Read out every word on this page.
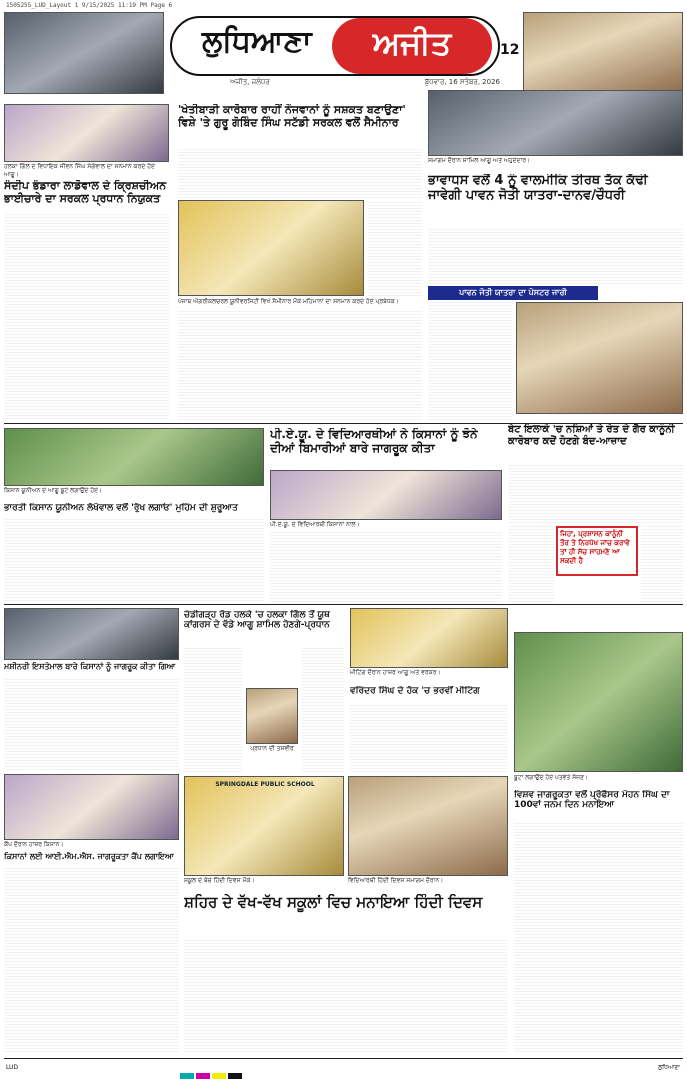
1505255_LUD_Layout 1 9/15/2025 11:19 PM Page 6
ਲੁਧਿਆਣਾ	ਅਜੀਤ	12
ਅਜੀਤ, ਜਲੰਧਰ	ਬੁੱਧਵਾਰ, 16 ਸਤੰਬਰ, 2026
ਹਲਕਾ ਗਿੱਲ ਦੇ ਵਿਧਾਇਕ ਜੀਵਨ ਸਿੰਘ ਸੰਗੋਵਾਲ ਦਾ ਸਨਮਾਨ ਕਰਦੇ ਹੋਏ ਆਗੂ।
ਸੰਦੀਪ ਭੰਡਾਰਾ ਲਾਡੋਵਾਲ ਦੇ ਕ੍ਰਿਸ਼ਚੀਅਨ ਭਾਈਚਾਰੇ ਦਾ ਸਰਕਲ ਪ੍ਰਧਾਨ ਨਿਯੁਕਤ
'ਖੇਤੀਬਾੜੀ ਕਾਰੋਬਾਰ ਰਾਹੀਂ ਨੌਜਵਾਨਾਂ ਨੂੰ ਸਸ਼ਕਤ ਬਣਾਉਣਾ' ਵਿਸ਼ੇ 'ਤੇ ਗੁਰੂ ਗੋਬਿੰਦ ਸਿੰਘ ਸਟੱਡੀ ਸਰਕਲ ਵਲੋਂ ਸੈਮੀਨਾਰ
ਪੰਜਾਬ ਐਗਰੀਕਲਚਰਲ ਯੂਨੀਵਰਸਿਟੀ ਵਿਖੇ ਸੈਮੀਨਾਰ ਮੌਕੇ ਮਹਿਮਾਨਾਂ ਦਾ ਸਨਮਾਨ ਕਰਦੇ ਹੋਏ ਪ੍ਰਬੰਧਕ।
ਸਮਾਗਮ ਦੌਰਾਨ ਸ਼ਾਮਿਲ ਆਗੂ ਅਤੇ ਅਹੁਦੇਦਾਰ।
ਭਾਵਾਧਸ ਵਲੋਂ 4 ਨੂੰ ਵਾਲਮੀਕਿ ਤੀਰਥ ਤੱਕ ਕੱਢੀ ਜਾਵੇਗੀ ਪਾਵਨ ਜੋਤੀ ਯਾਤਰਾ-ਦਾਨਵ/ਚੌਧਰੀ
ਪਾਵਨ ਜੋਤੀ ਯਾਤਰਾ ਦਾ ਪੋਸਟਰ ਜਾਰੀ
ਕਿਸਾਨ ਯੂਨੀਅਨ ਦੇ ਆਗੂ ਬੂਟੇ ਲਗਾਉਂਦੇ ਹੋਏ।
ਭਾਰਤੀ ਕਿਸਾਨ ਯੂਨੀਅਨ ਲੱਖੋਵਾਲ ਵਲੋਂ 'ਰੁੱਖ ਲਗਾਓ' ਮੁਹਿੰਮ ਦੀ ਸ਼ੁਰੂਆਤ
ਪੀ.ਏ.ਯੂ. ਦੇ ਵਿਦਿਆਰਥੀਆਂ ਨੇ ਕਿਸਾਨਾਂ ਨੂੰ ਝੋਨੇ ਦੀਆਂ ਬਿਮਾਰੀਆਂ ਬਾਰੇ ਜਾਗਰੂਕ ਕੀਤਾ
ਪੀ.ਏ.ਯੂ. ਦੇ ਵਿਦਿਆਰਥੀ ਕਿਸਾਨਾਂ ਨਾਲ।
ਬੇਟ ਇਲਾਕੇ 'ਚ ਨਸ਼ਿਆਂ ਤੇ ਰੇਤ ਦੇ ਗੈਰ ਕਾਨੂੰਨੀ ਕਾਰੋਬਾਰ ਕਦੋਂ ਹੋਣਗੇ ਬੰਦ-ਆਜ਼ਾਦ
ਜਿਹਾ, ਪ੍ਰਸ਼ਾਸਨ ਕਾਨੂੰਨੀ ਤੌਰ ਤੇ ਨਿਰਪੱਖ ਜਾਂਚ ਕਰਾਵੇ ਤਾਂ ਹੀ ਸੱਚ ਸਾਹਮਣੇ ਆ ਸਕਦੀ ਹੈ
ਮਸ਼ੀਨਰੀ ਇਸਤੇਮਾਲ ਬਾਰੇ ਕਿਸਾਨਾਂ ਨੂੰ ਜਾਗਰੂਕ ਕੀਤਾ ਗਿਆ
ਚੰਡੀਗੜ੍ਹ ਰੋਡ ਹਲਕੇ 'ਚ ਹਲਕਾ ਗਿੱਲ ਤੋਂ ਯੂਥ ਕਾਂਗਰਸ ਦੇ ਵੱਡੇ ਆਗੂ ਸ਼ਾਮਿਲ ਹੋਣਗੇ-ਪ੍ਰਧਾਨ
ਪ੍ਰਧਾਨ ਦੀ ਤਸਵੀਰ
ਮੀਟਿੰਗ ਦੌਰਾਨ ਹਾਜ਼ਰ ਆਗੂ ਅਤੇ ਵਰਕਰ।
ਵਰਿੰਦਰ ਸਿੰਘ ਦੇ ਹੱਕ 'ਚ ਭਰਵੀਂ ਮੀਟਿੰਗ
ਬੂਟਾ ਲਗਾਉਂਦੇ ਹੋਏ ਪਤਵੰਤੇ ਸੱਜਣ।
ਵਿਸ਼ਵ ਜਾਗਰੂਕਤਾ ਵਲੋਂ ਪ੍ਰੋਫੈਸਰ ਮੋਹਨ ਸਿੰਘ ਦਾ 100ਵਾਂ ਜਨਮ ਦਿਨ ਮਨਾਇਆ
ਕੈਂਪ ਦੌਰਾਨ ਹਾਜ਼ਰ ਕਿਸਾਨ।
ਕਿਸਾਨਾਂ ਲਈ ਆਈ.ਐਮ.ਐਸ. ਜਾਗਰੂਕਤਾ ਕੈਂਪ ਲਗਾਇਆ
SPRINGDALE PUBLIC SCHOOL
ਸਕੂਲ ਦੇ ਬੱਚੇ ਹਿੰਦੀ ਦਿਵਸ ਮੌਕੇ।	ਵਿਦਿਆਰਥੀ ਹਿੰਦੀ ਦਿਵਸ ਸਮਾਗਮ ਦੌਰਾਨ।
ਸ਼ਹਿਰ ਦੇ ਵੱਖ-ਵੱਖ ਸਕੂਲਾਂ ਵਿਚ ਮਨਾਇਆ ਹਿੰਦੀ ਦਿਵਸ
LUD	ਲੁਧਿਆਣਾ
